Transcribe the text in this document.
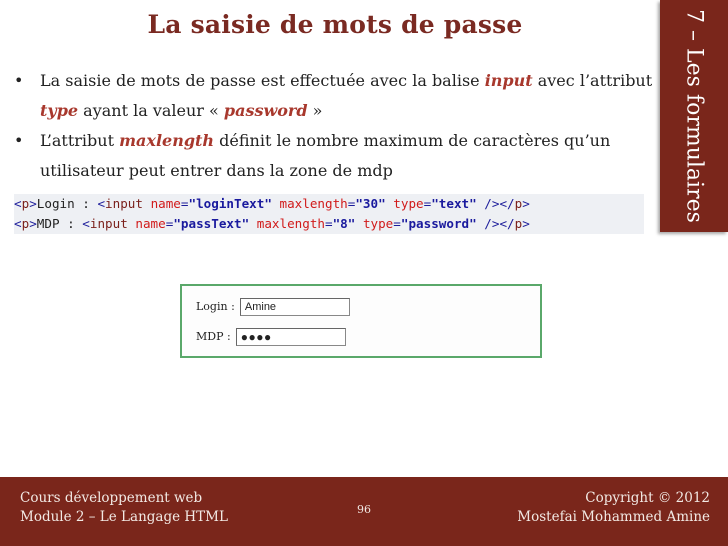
La saisie de mots de passe	7 – Les formulaires
•	La saisie de mots de passe est effectuée avec la balise input avec l’attribut
type ayant la valeur « password »
•	L’attribut maxlength définit le nombre maximum de caractères qu’un
utilisateur peut entrer dans la zone de mdp
<p>Login : <input name="loginText" maxlength="30" type="text" /></p>
<p>MDP : <input name="passText" maxlength="8" type="password" /></p>
Login : Amine
MDP : ●●●●
Cours développement web
Module 2 – Le Langage HTML	96
Copyright © 2012
Mostefai Mohammed Amine
